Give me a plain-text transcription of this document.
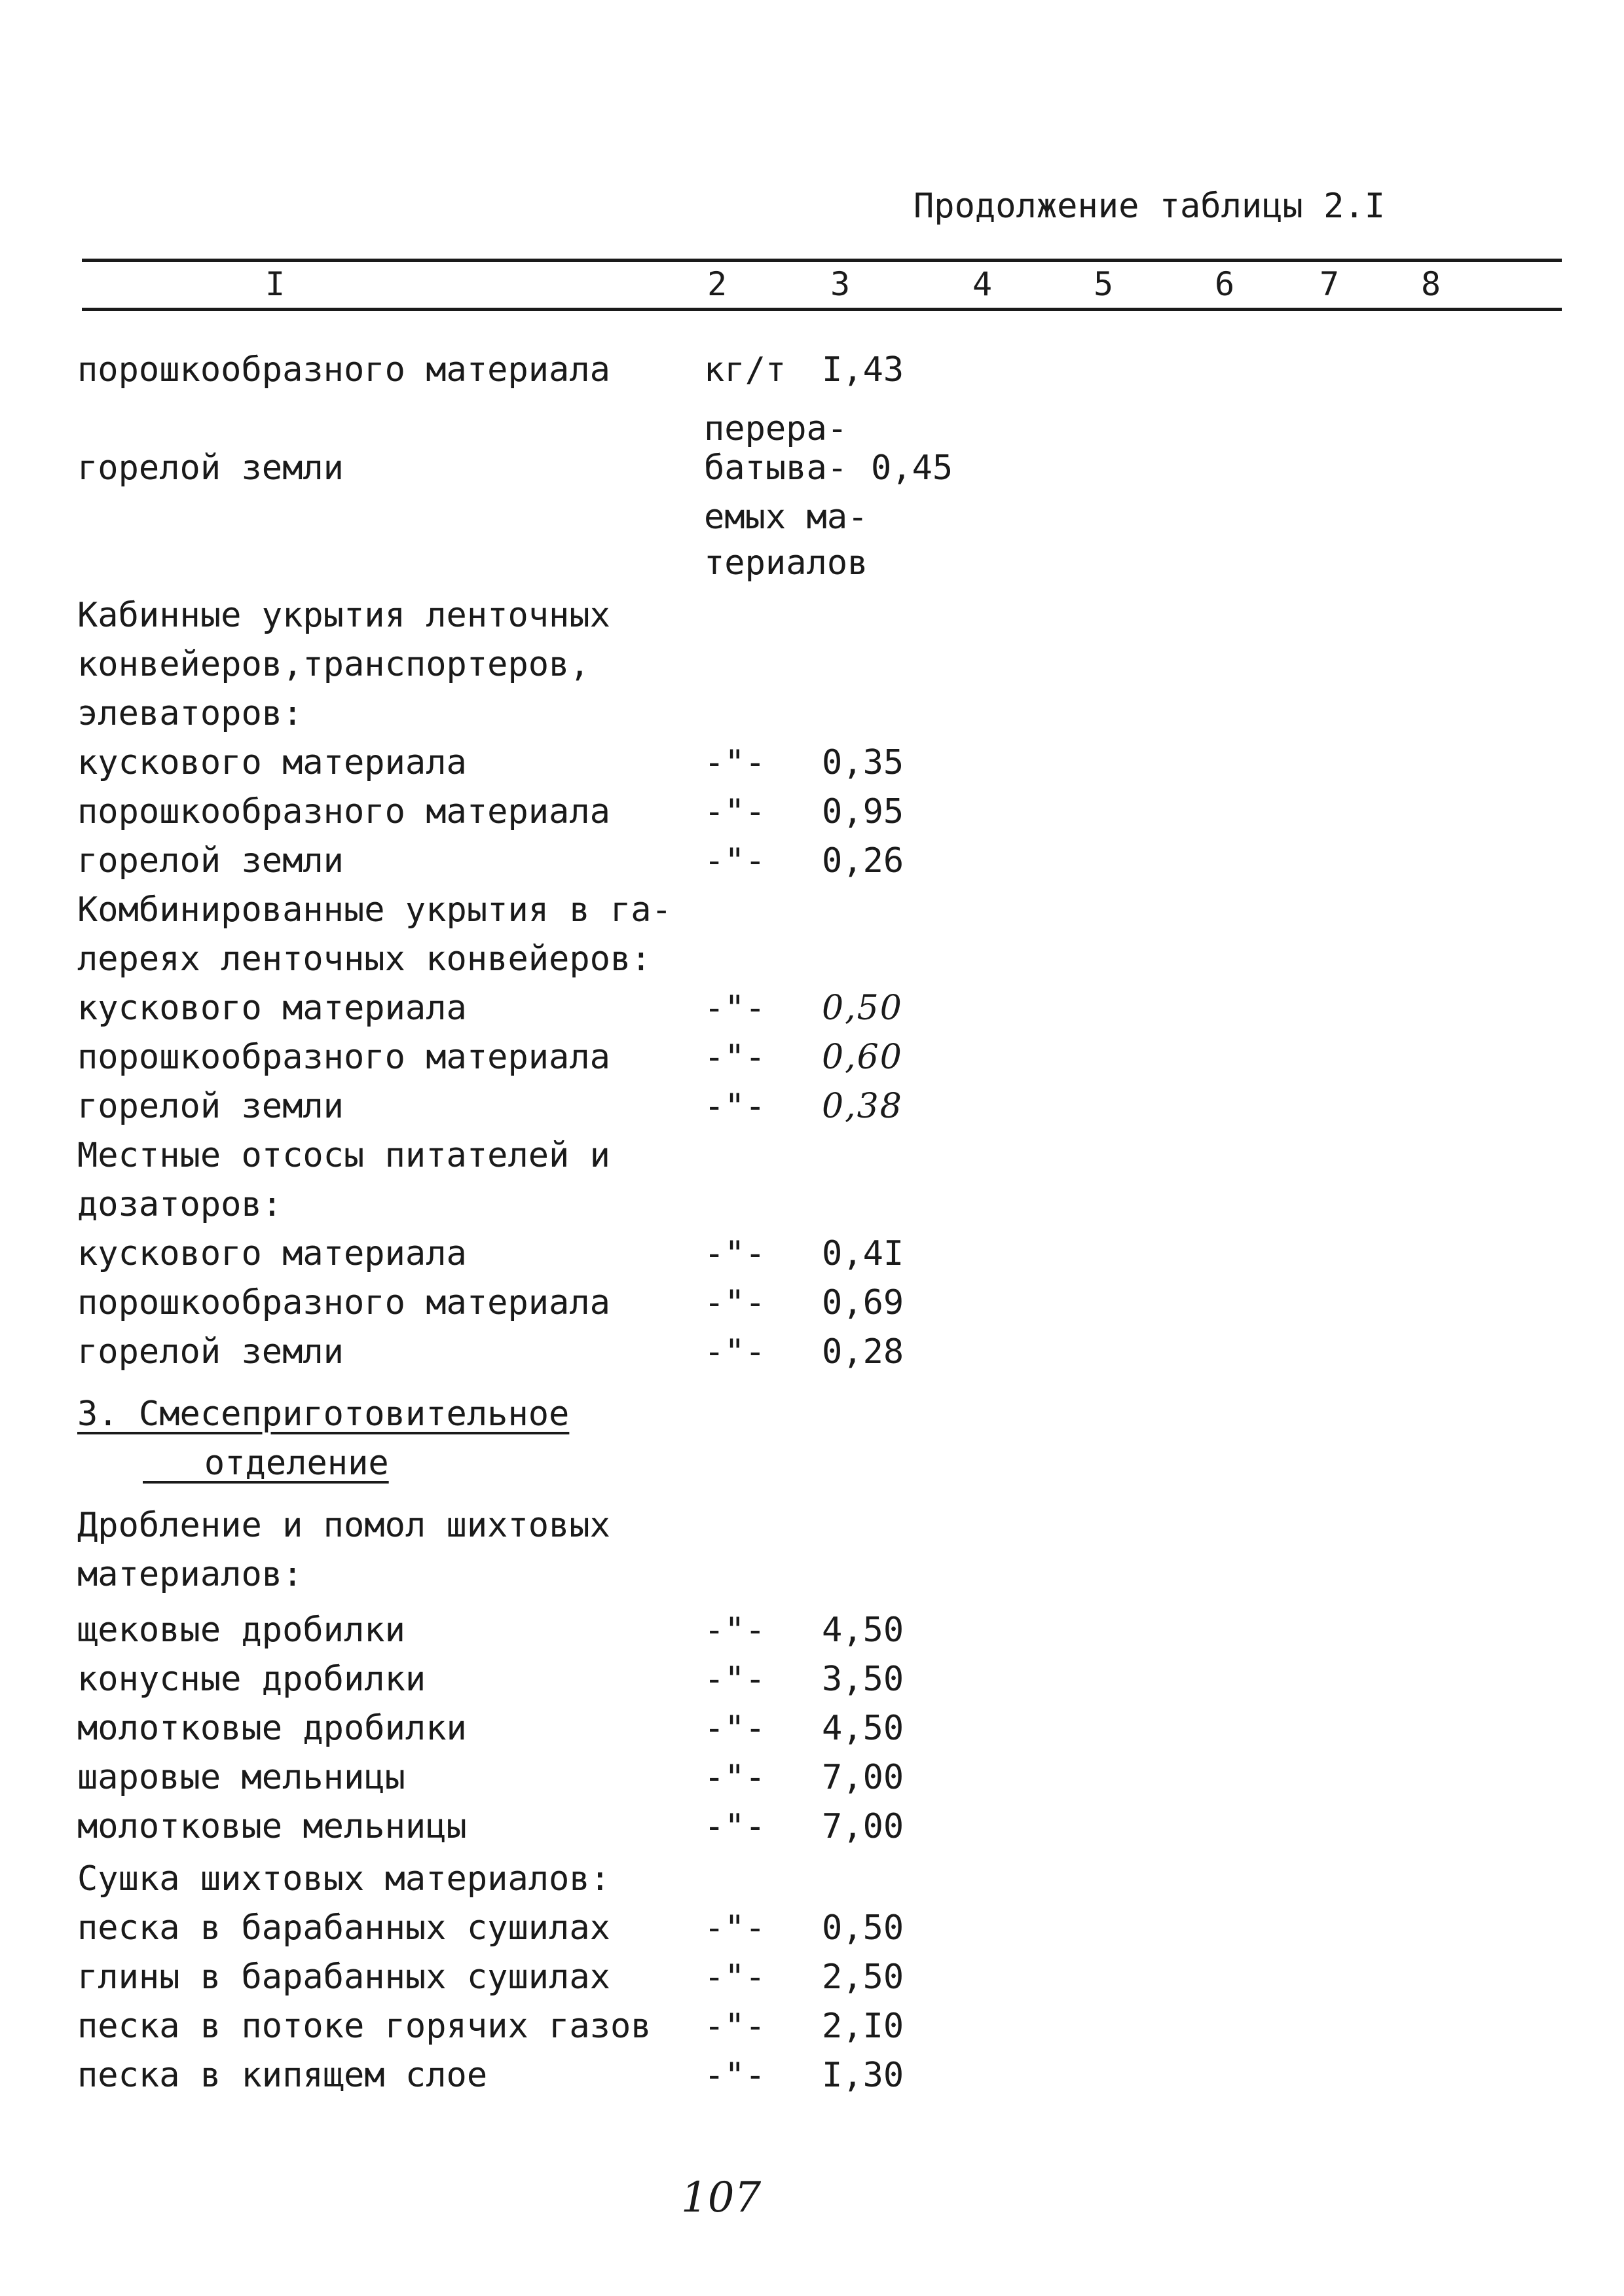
Продолжение таблицы 2.I
I	2	3	4	5	6	7 8
порошкообразного материала	кг/т I,43
перера-
горелой земли	батыва- 0,45
емых ма-
териалов
Кабинные укрытия ленточных
конвейеров,транспортеров,
элеваторов:
кускового материала	-"- 0,35
порошкообразного материала	-"- 0,95
горелой земли	-"- 0,26
Комбинированные укрытия в га-
лереях ленточных конвейеров:
кускового материала	-"- 0,50
порошкообразного материала	-"- 0,60
горелой земли	-"- 0,38
Местные отсосы питателей и
дозаторов:
кускового материала	-"- 0,4I
порошкообразного материала	-"- 0,69
горелой земли	-"- 0,28
3. Смесеприготовительное
отделение
Дробление и помол шихтовых
материалов:
щековые дробилки	-"- 4,50
конусные дробилки	-"- 3,50
молотковые дробилки	-"- 4,50
шаровые мельницы	-"- 7,00
молотковые мельницы	-"- 7,00
Сушка шихтовых материалов:
песка в барабанных сушилах	-"- 0,50
глины в барабанных сушилах	-"- 2,50
песка в потоке горячих газов -"- 2,I0
песка в кипящем слое	-"- I,30
107
